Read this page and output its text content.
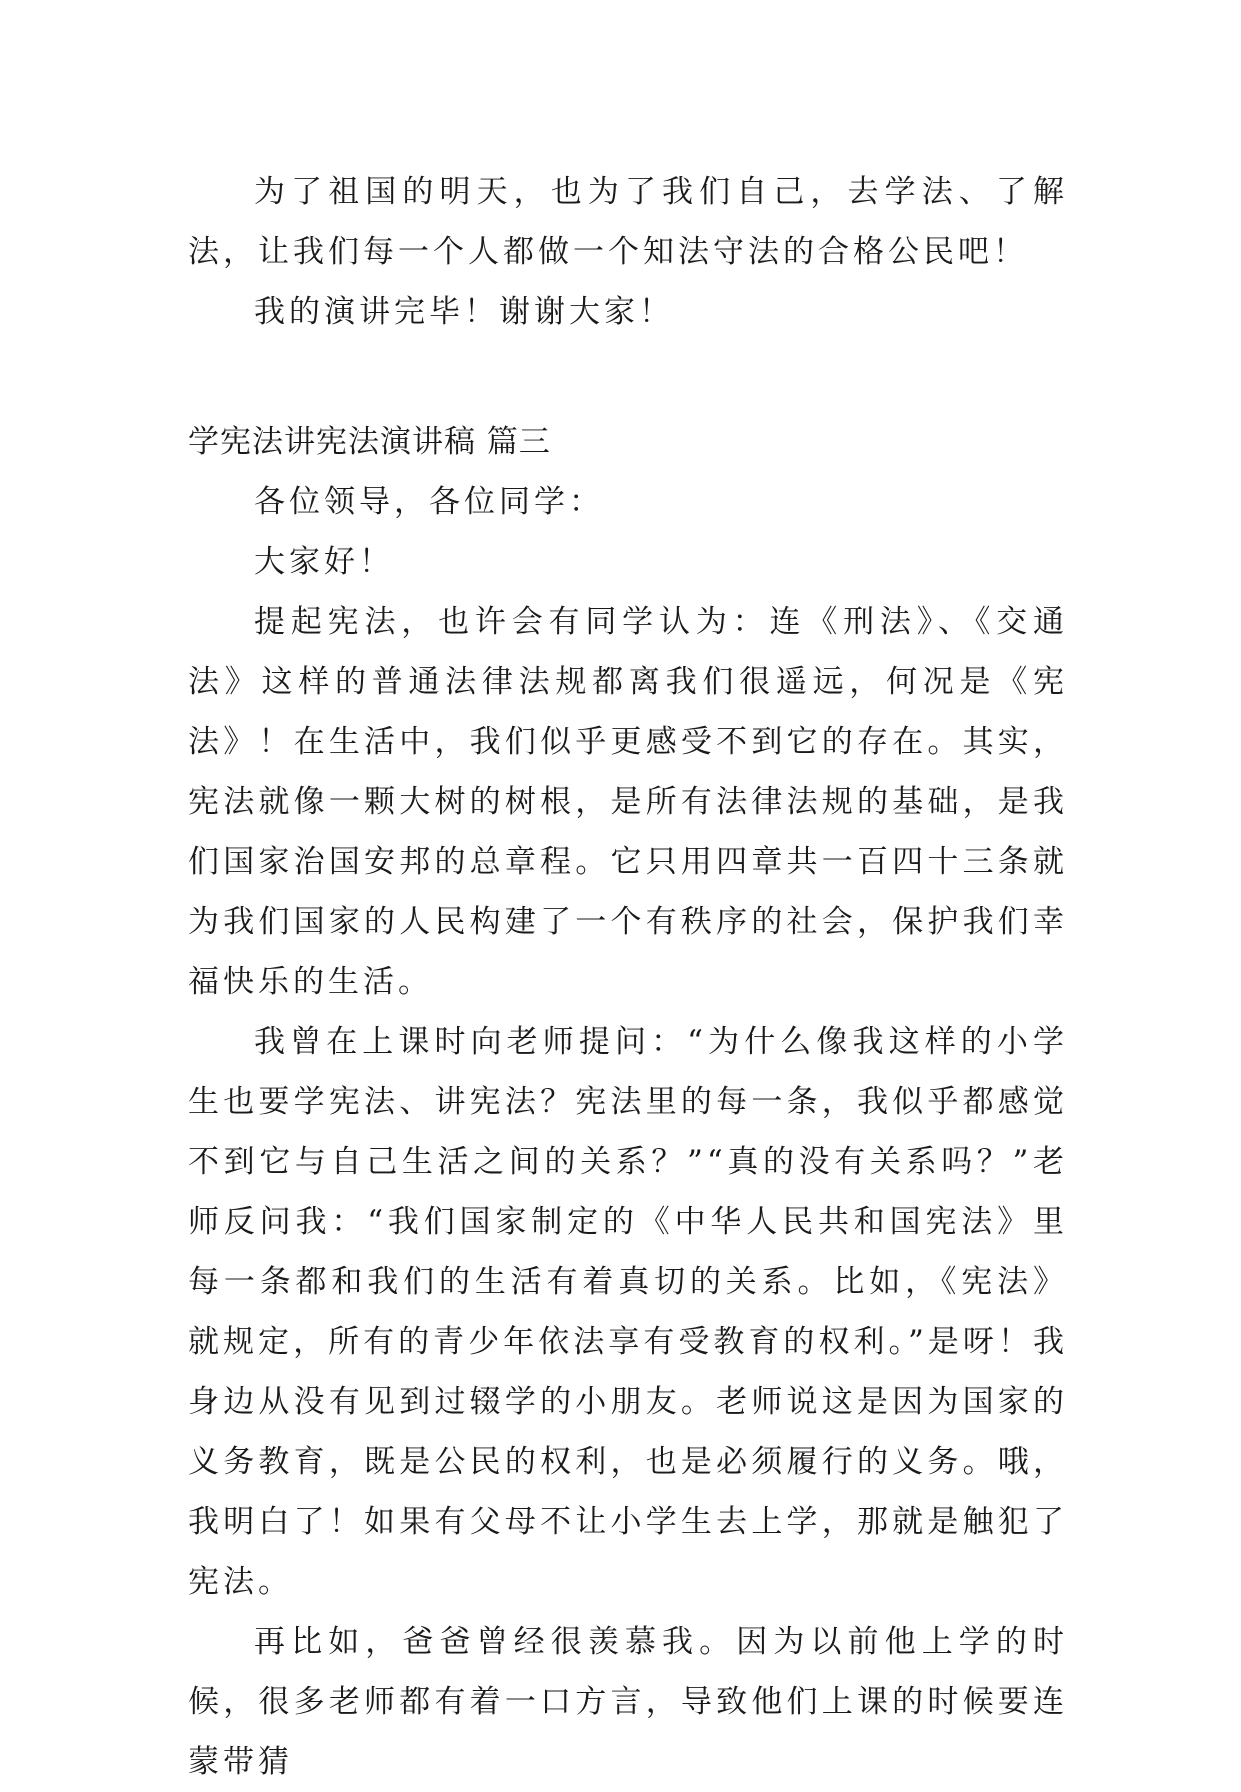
为了祖国的明天，也为了我们自己，去学法、了解法，让我们每一个人都做一个知法守法的合格公民吧！

我的演讲完毕！谢谢大家！

学宪法讲宪法演讲稿 篇三

各位领导，各位同学：

大家好！

提起宪法，也许会有同学认为：连《刑法》、《交通法》这样的普通法律法规都离我们很遥远，何况是《宪法》！在生活中，我们似乎更感受不到它的存在。其实，宪法就像一颗大树的树根，是所有法律法规的基础，是我们国家治国安邦的总章程。它只用四章共一百四十三条就为我们国家的人民构建了一个有秩序的社会，保护我们幸福快乐的生活。

我曾在上课时向老师提问：“为什么像我这样的小学生也要学宪法、讲宪法？宪法里的每一条，我似乎都感觉不到它与自己生活之间的关系？”“真的没有关系吗？”老师反问我：“我们国家制定的《中华人民共和国宪法》里每一条都和我们的生活有着真切的关系。比如，《宪法》就规定，所有的青少年依法享有受教育的权利。”是呀！我身边从没有见到过辍学的小朋友。老师说这是因为国家的义务教育，既是公民的权利，也是必须履行的义务。哦，我明白了！如果有父母不让小学生去上学，那就是触犯了宪法。

再比如，爸爸曾经很羡慕我。因为以前他上学的时候，很多老师都有着一口方言，导致他们上课的时候要连蒙带猜
